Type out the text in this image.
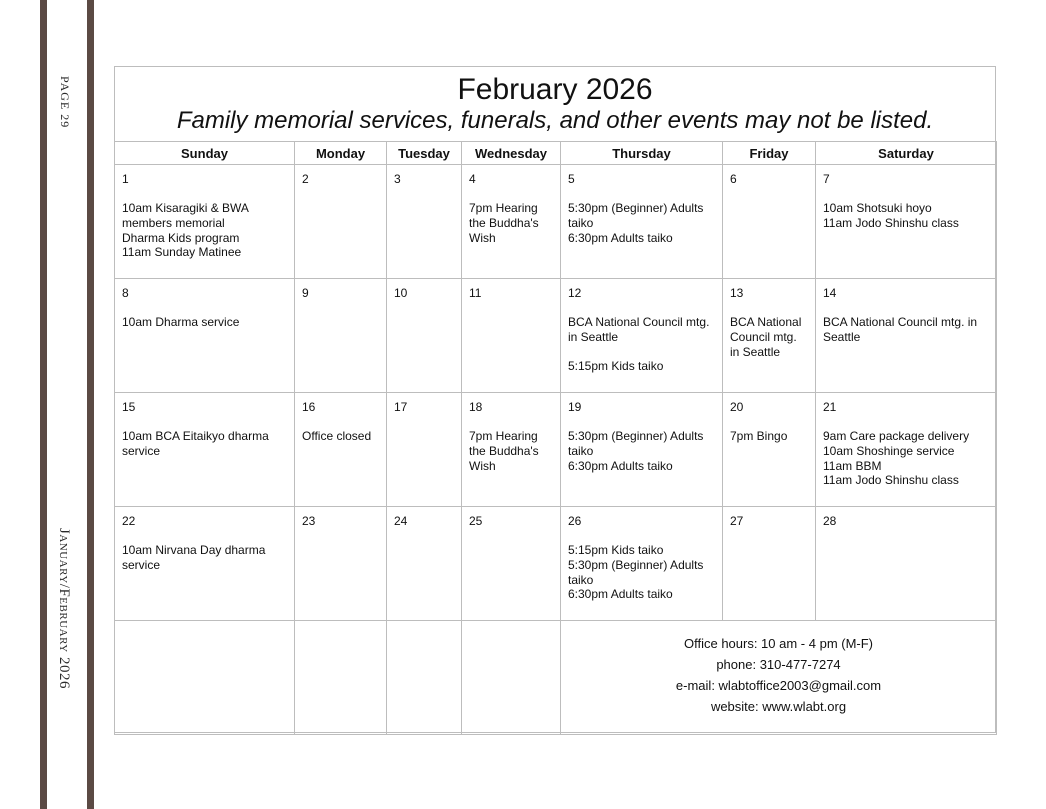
PAGE 29
January/February 2026
February 2026
Family memorial services, funerals, and other events may not be listed.
Sunday	Monday	Tuesday	Wednesday	Thursday	Friday	Saturday

1
10am Kisaragiki & BWA members memorial
Dharma Kids program
11am Sunday Matinee	2	3	4
7pm Hearing the Buddha's Wish	5
5:30pm (Beginner) Adults taiko
6:30pm Adults taiko	6	7
10am Shotsuki hoyo
11am Jodo Shinshu class

8
10am Dharma service	9	10	11	12
BCA National Council mtg. in Seattle
5:15pm Kids taiko	13
BCA National Council mtg. in Seattle	14
BCA National Council mtg. in Seattle

15
10am BCA Eitaikyo dharma service	16
Office closed	17	18
7pm Hearing the Buddha's Wish	19
5:30pm (Beginner) Adults taiko
6:30pm Adults taiko	20
7pm Bingo	21
9am Care package delivery
10am Shoshinge service
11am BBM
11am Jodo Shinshu class

22
10am Nirvana Day dharma service	23	24	25	26
5:15pm Kids taiko
5:30pm (Beginner) Adults taiko
6:30pm Adults taiko	27	28

				Office hours: 10 am - 4 pm (M-F)
phone: 310-477-7274
e-mail: wlabtoffice2003@gmail.com
website: www.wlabt.org		
